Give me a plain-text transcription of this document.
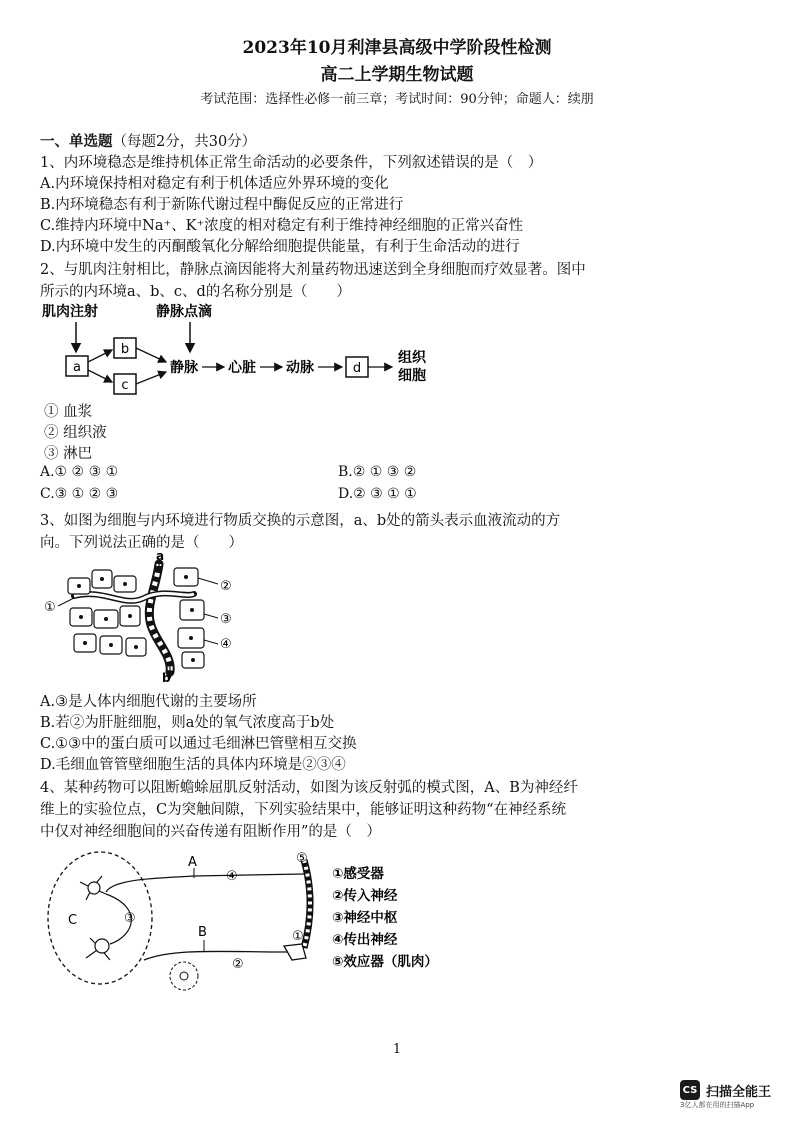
2023年10月利津县高级中学阶段性检测
高二上学期生物试题
考试范围：选择性必修一前三章；考试时间：90分钟；命题人：续朋
一、单选题（每题2分，共30分）
1、内环境稳态是维持机体正常生命活动的必要条件，下列叙述错误的是（　）
A.内环境保持相对稳定有利于机体适应外界环境的变化
B.内环境稳态有利于新陈代谢过程中酶促反应的正常进行
C.维持内环境中Na⁺、K⁺浓度的相对稳定有利于维持神经细胞的正常兴奋性
D.内环境中发生的丙酮酸氧化分解给细胞提供能量，有利于生命活动的进行
2、与肌肉注射相比，静脉点滴因能将大剂量药物迅速送到全身细胞而疗效显著。图中
所示的内环境a、b、c、d的名称分别是（　　）
肌肉注射	静脉点滴
a
b
c
静脉 心脏 动脉	d
组织
细胞
① 血浆
② 组织液
③ 淋巴
A.① ② ③ ①	B.② ① ③ ②
C.③ ① ② ③	D.② ③ ① ①
3、如图为细胞与内环境进行物质交换的示意图，a、b处的箭头表示血液流动的方
向。下列说法正确的是（　　）
a
b
①
②
③
④
A.③是人体内细胞代谢的主要场所
B.若②为肝脏细胞，则a处的氧气浓度高于b处
C.①③中的蛋白质可以通过毛细淋巴管壁相互交换
D.毛细血管管壁细胞生活的具体内环境是②③④
4、某种药物可以阻断蟾蜍屈肌反射活动，如图为该反射弧的模式图，A、B为神经纤
维上的实验位点，C为突触间隙，下列实验结果中，能够证明这种药物“在神经系统
中仅对神经细胞间的兴奋传递有阻断作用”的是（　）
C	③
A
④
⑤
B
②
①
①感受器
②传入神经
③神经中枢
④传出神经
⑤效应器（肌肉）
1
CS 扫描全能王
3亿人都在用的扫描App
